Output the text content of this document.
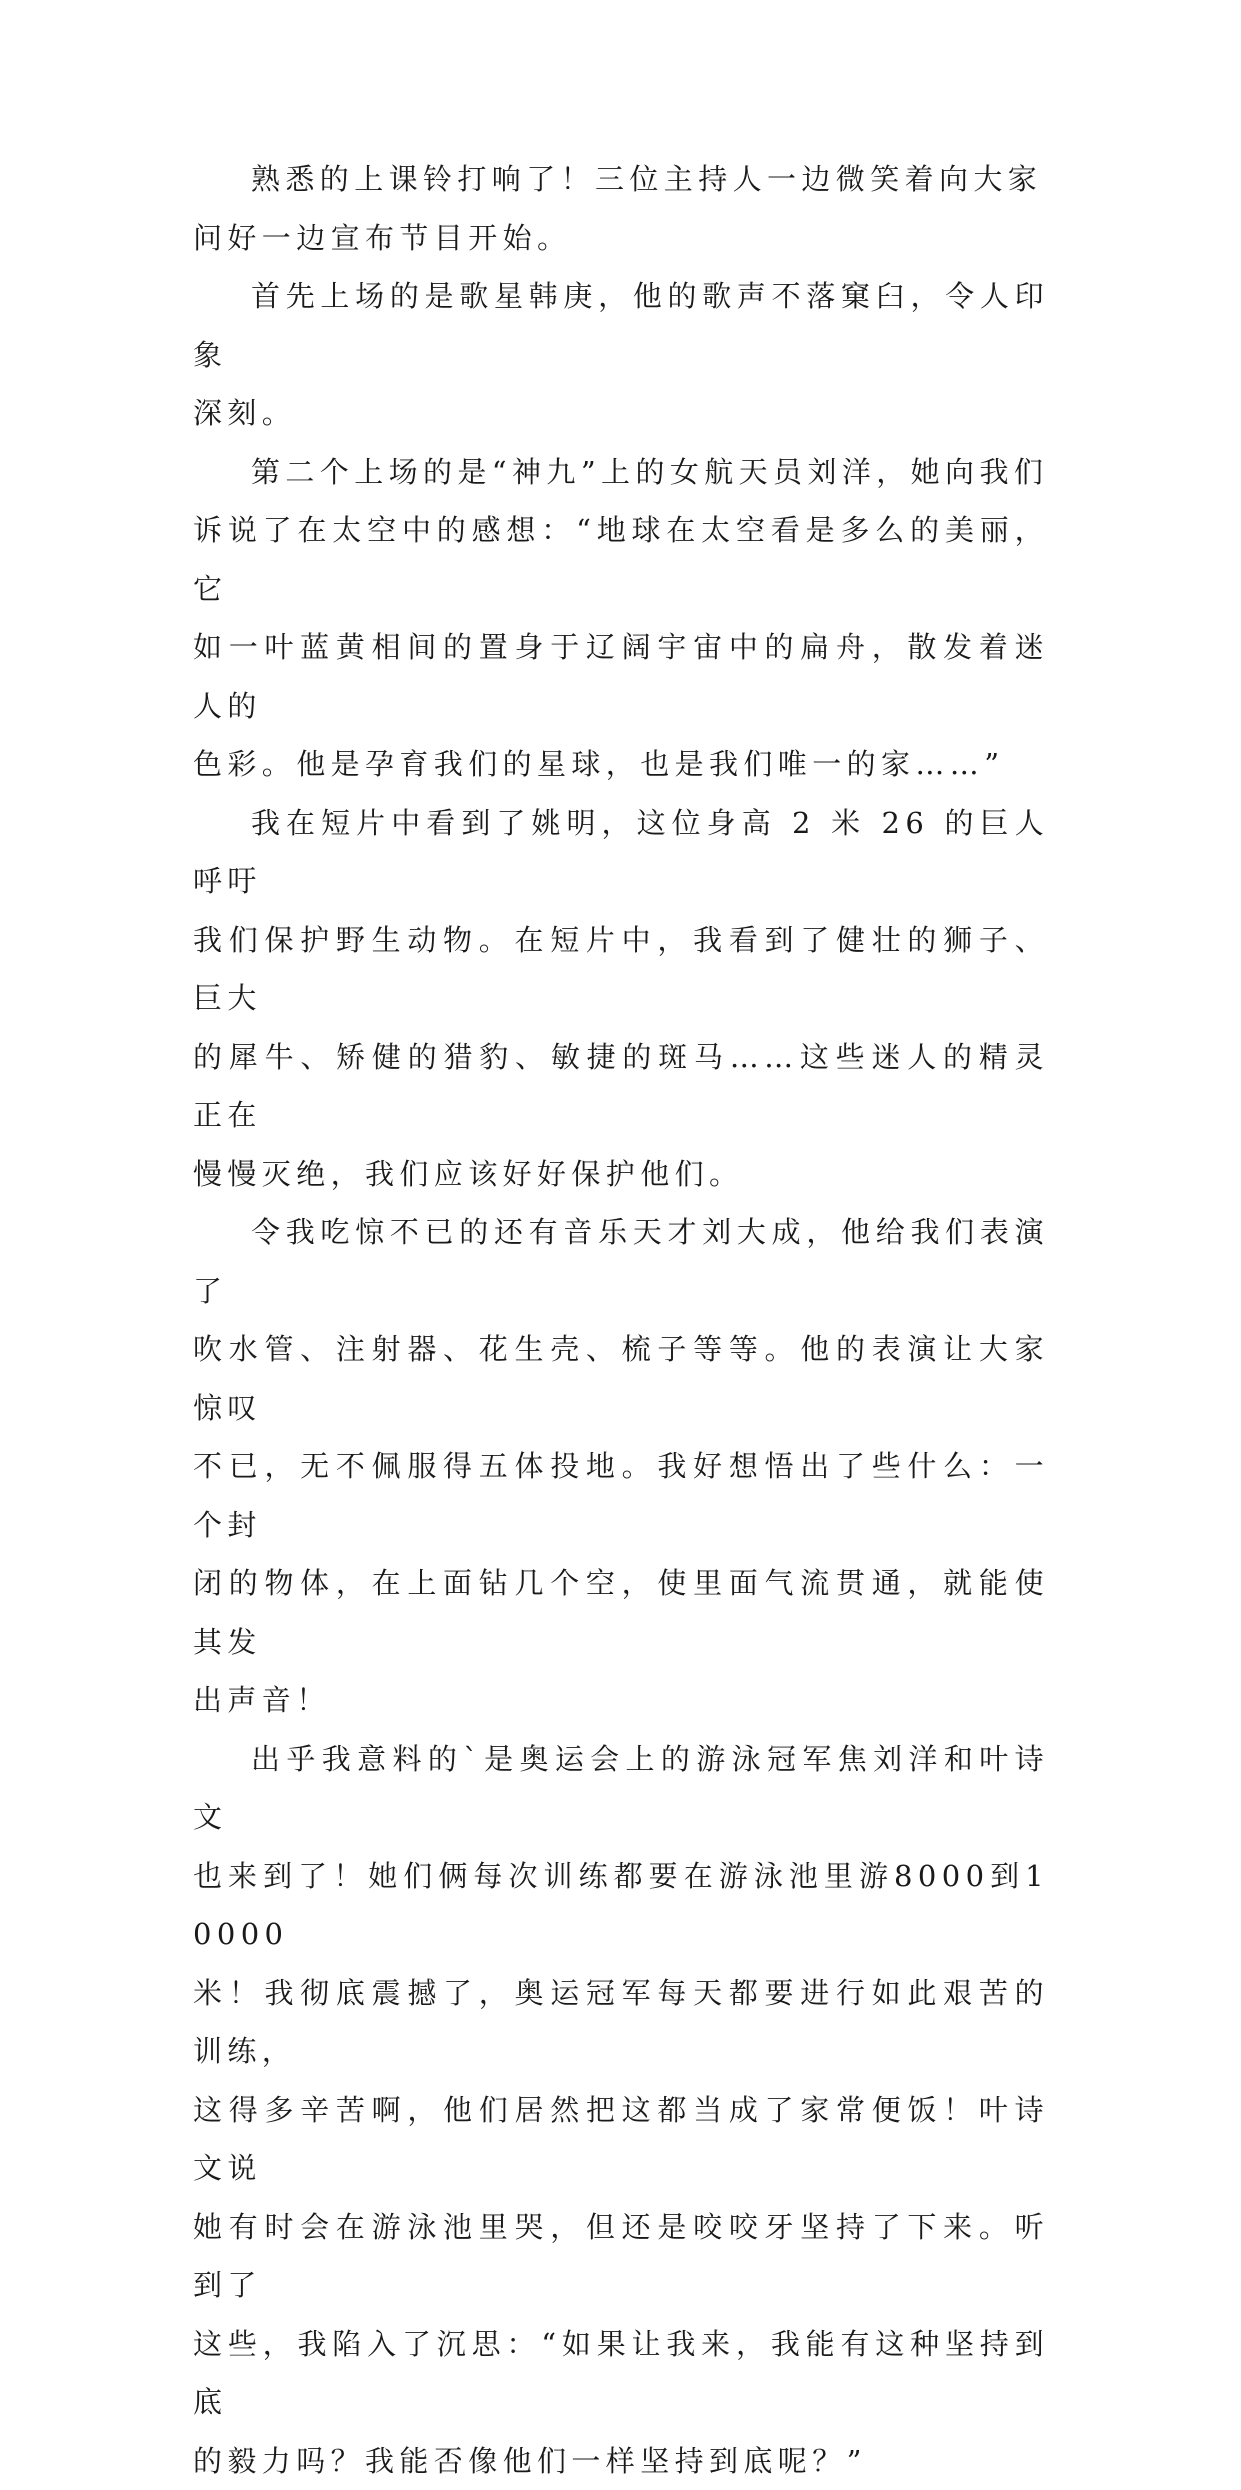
熟悉的上课铃打响了！三位主持人一边微笑着向大家
问好一边宣布节目开始。

首先上场的是歌星韩庚，他的歌声不落窠臼，令人印象
深刻。

第二个上场的是“神九”上的女航天员刘洋，她向我们
诉说了在太空中的感想：“地球在太空看是多么的美丽，它
如一叶蓝黄相间的置身于辽阔宇宙中的扁舟，散发着迷人的
色彩。他是孕育我们的星球，也是我们唯一的家……”

我在短片中看到了姚明，这位身高 2 米 26 的巨人呼吁
我们保护野生动物。在短片中，我看到了健壮的狮子、巨大
的犀牛、矫健的猎豹、敏捷的斑马……这些迷人的精灵正在
慢慢灭绝，我们应该好好保护他们。

令我吃惊不已的还有音乐天才刘大成，他给我们表演了
吹水管、注射器、花生壳、梳子等等。他的表演让大家惊叹
不已，无不佩服得五体投地。我好想悟出了些什么：一个封
闭的物体，在上面钻几个空，使里面气流贯通，就能使其发
出声音！

出乎我意料的`是奥运会上的游泳冠军焦刘洋和叶诗文
也来到了！她们俩每次训练都要在游泳池里游8000到10000
米！我彻底震撼了，奥运冠军每天都要进行如此艰苦的训练，
这得多辛苦啊，他们居然把这都当成了家常便饭！叶诗文说
她有时会在游泳池里哭，但还是咬咬牙坚持了下来。听到了
这些，我陷入了沉思：“如果让我来，我能有这种坚持到底
的毅力吗？我能否像他们一样坚持到底呢？”
